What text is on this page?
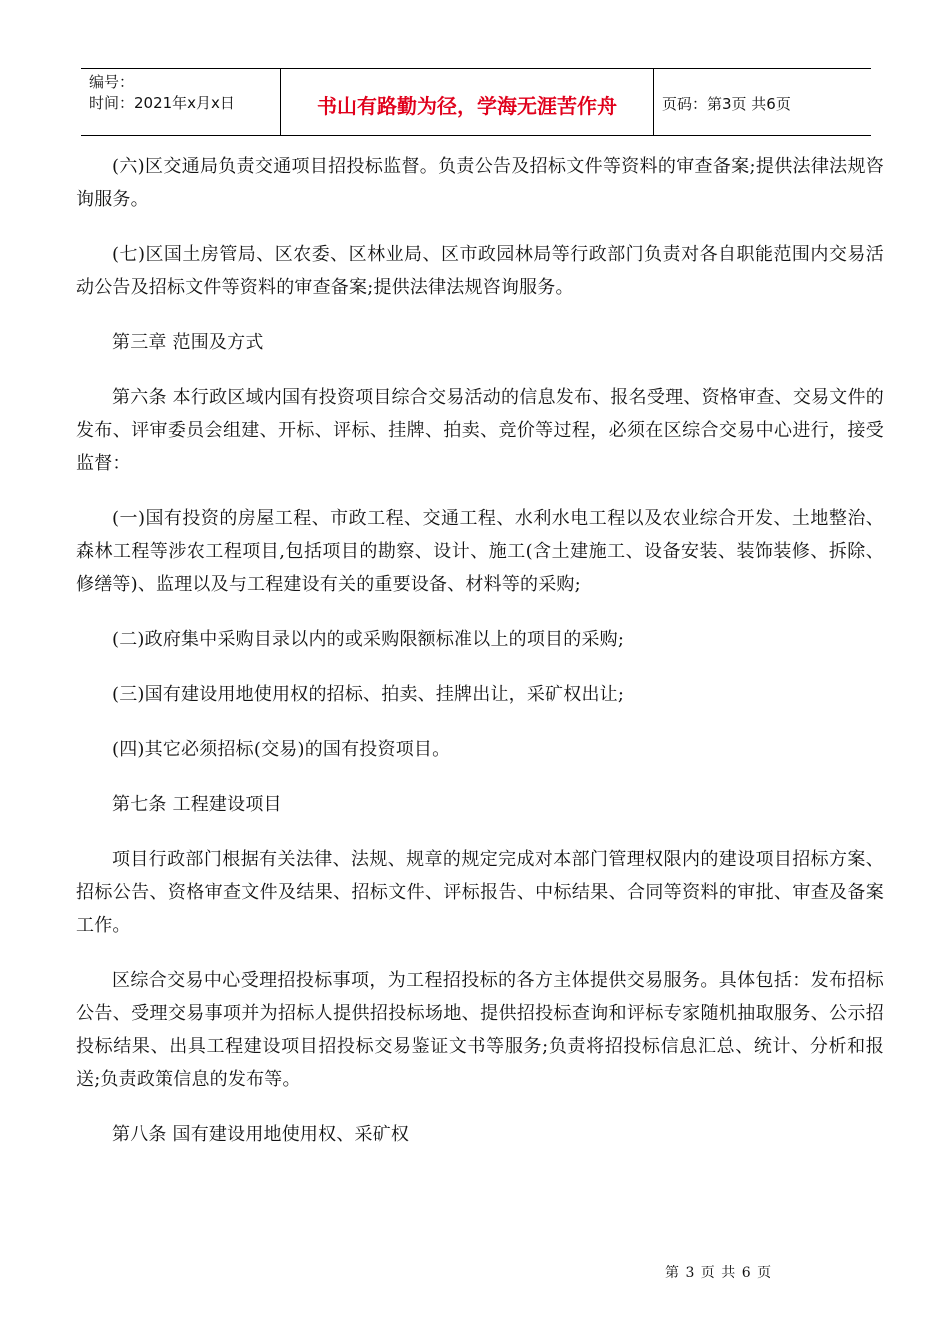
编号：
时间：2021年x月x日	书山有路勤为径，学海无涯苦作舟	页码：第3页 共6页

(六)区交通局负责交通项目招投标监督。负责公告及招标文件等资料的审查备案;提供法律法规咨询服务。

(七)区国土房管局、区农委、区林业局、区市政园林局等行政部门负责对各自职能范围内交易活动公告及招标文件等资料的审查备案;提供法律法规咨询服务。

第三章 范围及方式

第六条 本行政区域内国有投资项目综合交易活动的信息发布、报名受理、资格审查、交易文件的发布、评审委员会组建、开标、评标、挂牌、拍卖、竞价等过程，必须在区综合交易中心进行，接受监督：

(一)国有投资的房屋工程、市政工程、交通工程、水利水电工程以及农业综合开发、土地整治、森林工程等涉农工程项目,包括项目的勘察、设计、施工(含土建施工、设备安装、装饰装修、拆除、修缮等)、监理以及与工程建设有关的重要设备、材料等的采购;

(二)政府集中采购目录以内的或采购限额标准以上的项目的采购;

(三)国有建设用地使用权的招标、拍卖、挂牌出让，采矿权出让;

(四)其它必须招标(交易)的国有投资项目。

第七条 工程建设项目

项目行政部门根据有关法律、法规、规章的规定完成对本部门管理权限内的建设项目招标方案、招标公告、资格审查文件及结果、招标文件、评标报告、中标结果、合同等资料的审批、审查及备案工作。

区综合交易中心受理招投标事项，为工程招投标的各方主体提供交易服务。具体包括：发布招标公告、受理交易事项并为招标人提供招投标场地、提供招投标查询和评标专家随机抽取服务、公示招投标结果、出具工程建设项目招投标交易鉴证文书等服务;负责将招投标信息汇总、统计、分析和报送;负责政策信息的发布等。

第八条 国有建设用地使用权、采矿权

第 3 页 共 6 页
